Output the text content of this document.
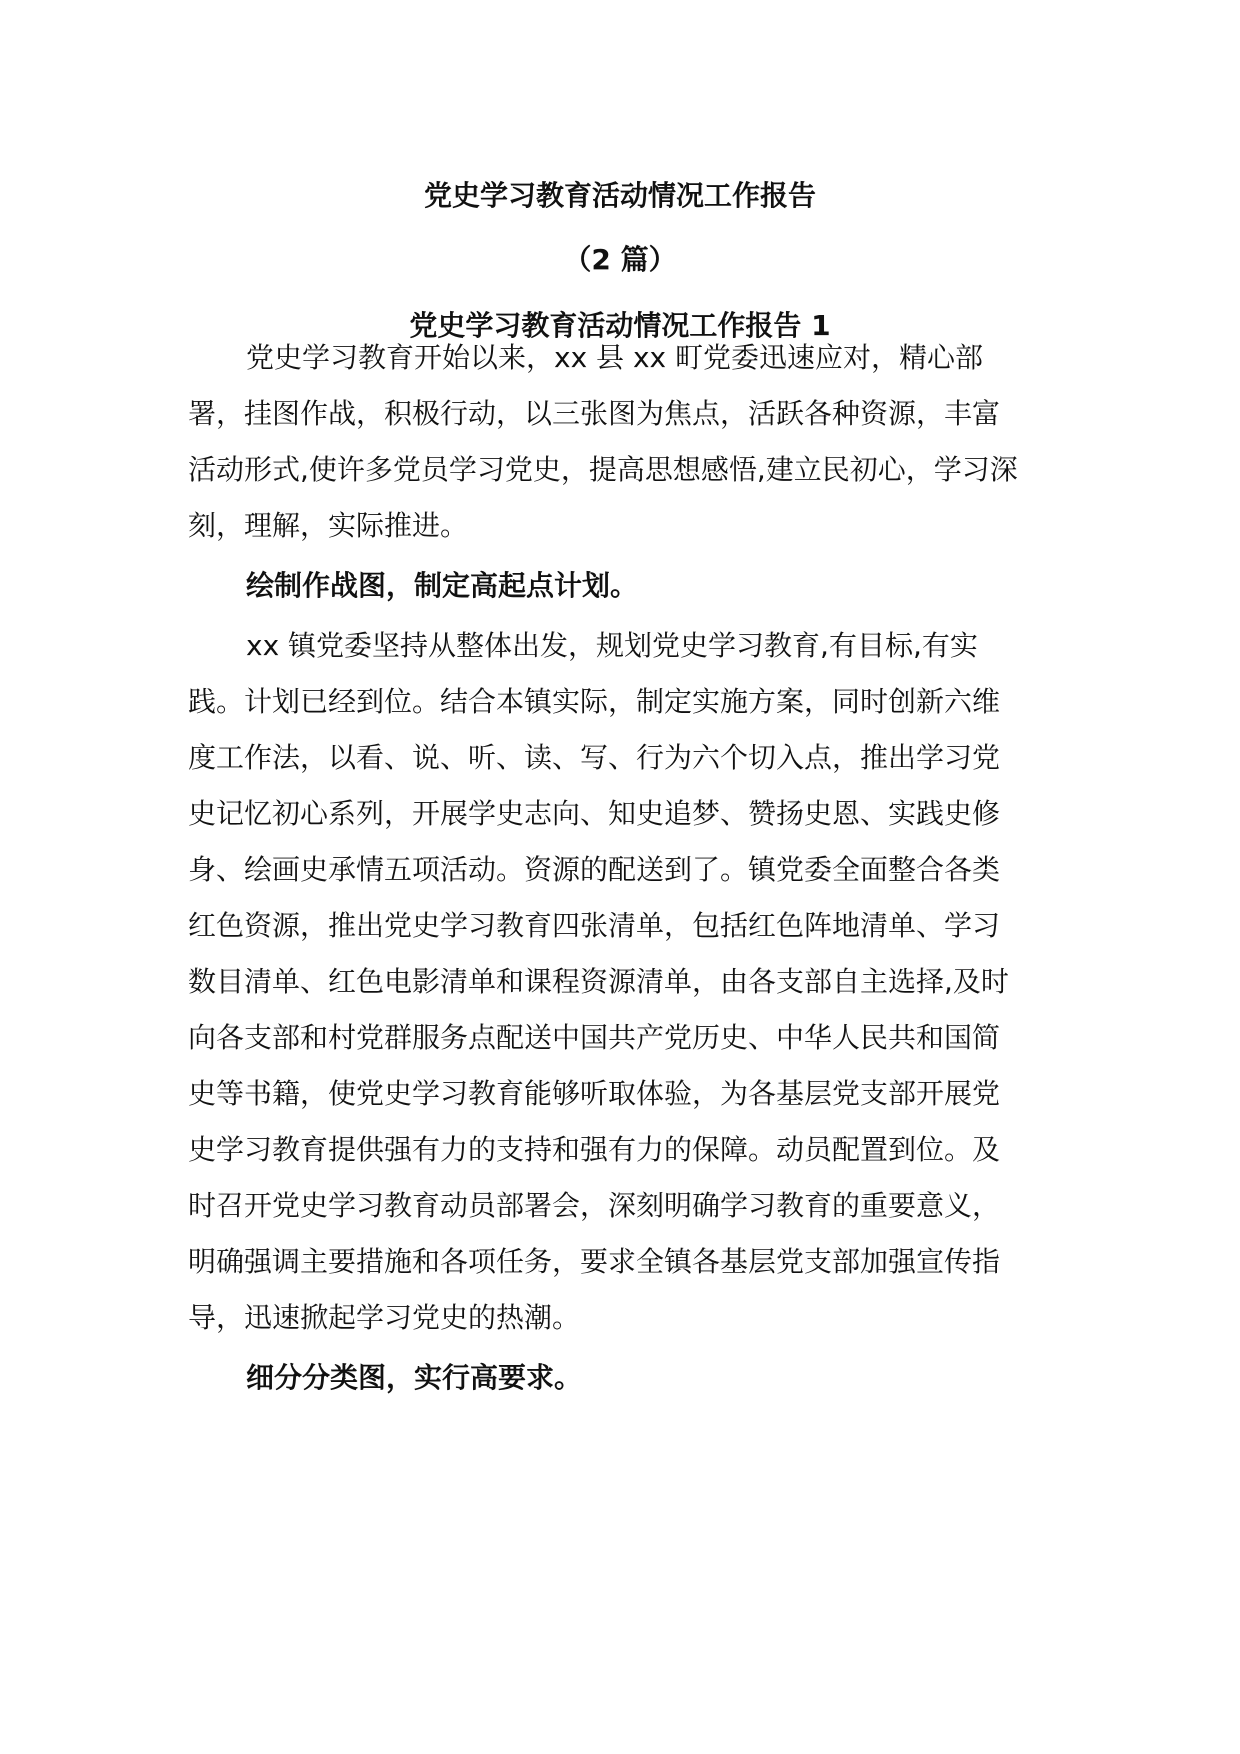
党史学习教育活动情况工作报告

（2 篇）

党史学习教育活动情况工作报告 1

党史学习教育开始以来，xx 县 xx 町党委迅速应对，精心部

署，挂图作战，积极行动，以三张图为焦点，活跃各种资源，丰富

活动形式,使许多党员学习党史，提高思想感悟,建立民初心，学习深

刻，理解，实际推进。

绘制作战图，制定高起点计划。

xx 镇党委坚持从整体出发，规划党史学习教育,有目标,有实

践。计划已经到位。结合本镇实际，制定实施方案，同时创新六维

度工作法，以看、说、听、读、写、行为六个切入点，推出学习党

史记忆初心系列，开展学史志向、知史追梦、赞扬史恩、实践史修

身、绘画史承情五项活动。资源的配送到了。镇党委全面整合各类

红色资源，推出党史学习教育四张清单，包括红色阵地清单、学习

数目清单、红色电影清单和课程资源清单，由各支部自主选择,及时

向各支部和村党群服务点配送中国共产党历史、中华人民共和国简

史等书籍，使党史学习教育能够听取体验，为各基层党支部开展党

史学习教育提供强有力的支持和强有力的保障。动员配置到位。及

时召开党史学习教育动员部署会，深刻明确学习教育的重要意义，

明确强调主要措施和各项任务，要求全镇各基层党支部加强宣传指

导，迅速掀起学习党史的热潮。

细分分类图，实行高要求。
